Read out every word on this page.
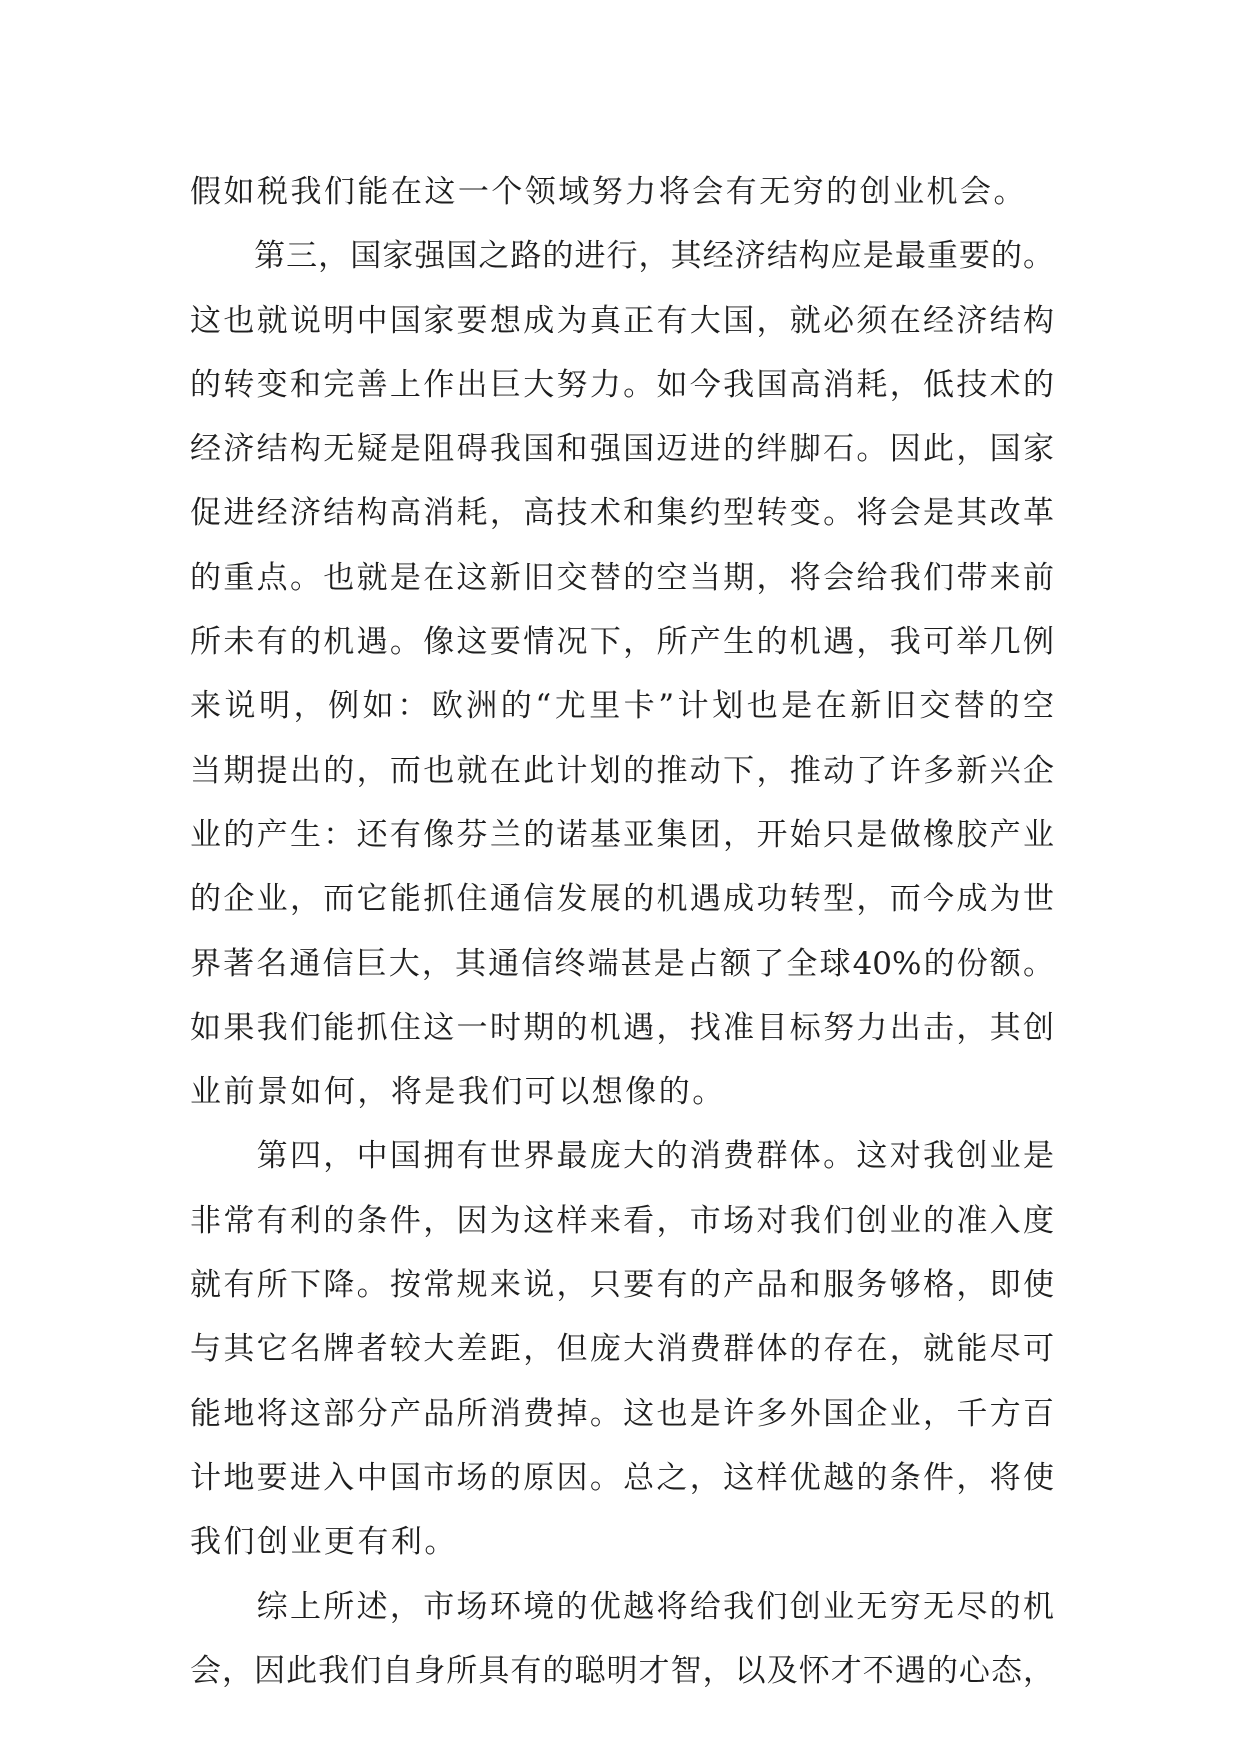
假如税我们能在这一个领域努力将会有无穷的创业机会。
　　第三，国家强国之路的进行，其经济结构应是最重要的。
这也就说明中国家要想成为真正有大国，就必须在经济结构
的转变和完善上作出巨大努力。如今我国高消耗，低技术的
经济结构无疑是阻碍我国和强国迈进的绊脚石。因此，国家
促进经济结构高消耗，高技术和集约型转变。将会是其改革
的重点。也就是在这新旧交替的空当期，将会给我们带来前
所未有的机遇。像这要情况下，所产生的机遇，我可举几例
来说明，例如：欧洲的“尤里卡”计划也是在新旧交替的空
当期提出的，而也就在此计划的推动下，推动了许多新兴企
业的产生：还有像芬兰的诺基亚集团，开始只是做橡胶产业
的企业，而它能抓住通信发展的机遇成功转型，而今成为世
界著名通信巨大，其通信终端甚是占额了全球40%的份额。
如果我们能抓住这一时期的机遇，找准目标努力出击，其创
业前景如何，将是我们可以想像的。
　　第四，中国拥有世界最庞大的消费群体。这对我创业是
非常有利的条件，因为这样来看，市场对我们创业的准入度
就有所下降。按常规来说，只要有的产品和服务够格，即使
与其它名牌者较大差距，但庞大消费群体的存在，就能尽可
能地将这部分产品所消费掉。这也是许多外国企业，千方百
计地要进入中国市场的原因。总之，这样优越的条件，将使
我们创业更有利。
　　综上所述，市场环境的优越将给我们创业无穷无尽的机
会，因此我们自身所具有的聪明才智，以及怀才不遇的心态，
